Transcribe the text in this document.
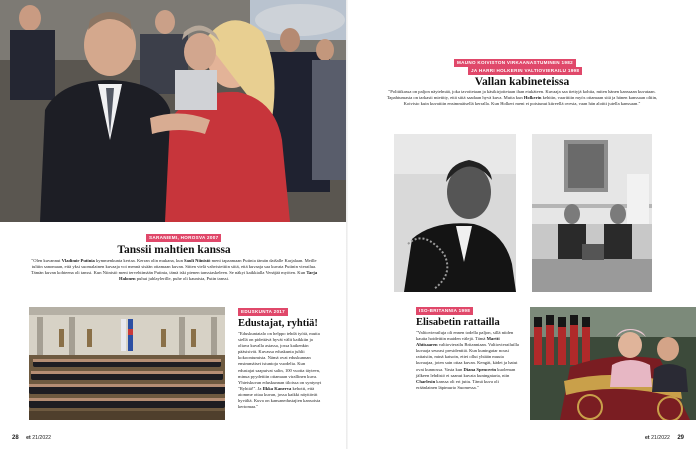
SARANIEMI, HOROSVA 2007
Tanssii mahtien kanssa
"Olen kuvannut Vladimir Putinia kymmenkunta kertaa. Kerran olin mukana, kun Sauli Niinistö meni tapaamaan Putinia tämän datšalle Karjalaan. Meille tultiin sanomaan, että yksi suomalainen kuvaaja voi mennä sisään ottamaan kuvan. Sitten vielä vahvistettiin siitä, että kuvaaja saa kuvata Putinin vierailua. Tämän kuvan kohteena oli tanssi. Kun Niinistö meni tervehtimään Putinia, tämä iski pienen tanssiaskeleen. Se näkyi kaikkialla Venäjää myöten. Kun Tarja Halonen puhui juhlaylerille, puhe oli kaunista, Putin tanssi.
EDUSKUNTA 2017
Edustajat, ryhtiä!
"Eduskuntatalo on helppo tehdä työtä, mutta siellä on pidettävä hyvät välit kaikkiin ja oltava kuvalla asiassa, jossa kaikenkin pääsisivät. Kuvassa eduskunta juhlii kokoontumista. Nämä ovat eduskunnan ensimmäiset istuntoja vuodelta. Kun edustajat saapuivat salin, 100 vuotta täyteen, minua pyydettiin ottamaan virallinen kuva. Yhteiskuvan eduskunnan tiloissa on syntynyt "Ryhtiä!". Ja Ilkka Kanerva kehotti, että aiomme ottaa kuvan, jossa kaikki näyttävät hyvältä. Kuva on kansanedustajien kansoista kertomaa."
28 et 21/2022
MAUNO KOIVISTON VIRKAANASTUMINEN 1982
JA HARRI HOLKERIN VALTIOVIERAILU 1998
Vallan kabineteissa
"Politiikassa on paljon näytelmää, joka tavoitetaan ja käsikirjoitetaan ihan etukäteen. Kuvaaja saa tiettyjä kohtia, miten hänen kanssaan kuvataan. Tapahtumasta on tarkasti mietitty, että siitä saadaan hyvä kuva. Mutta kun Holkerin kehitin, vaarittiin myös ottamaan sitä ja hänen kanssaan oltiin, Koivisto kuin kuvattiin ensimmäisellä kerralla. Kun Holkeri meni ei poistunut kiireellä ovesta, vaan hän aloitti jutella kanssaan."
ISO-BRITANNIA 1998
Elisabetin rattailla
"Valtiovierailuja oli ennen todella paljon, sillä niiden kautta hoidettiin maiden välejä. Tämä Martti Ahtisaaren valtiovierailu Britanniaan. Valtiovierailuilla kuvaaja seurasi presidenttiä. Kun kuningatar nousi rattaisiin, minä katsoin, ettei ollut yhtään muuta kuvaajaa, joten sain ottaa kuvan. Kengät, kädet ja hatut ovat kunnossa. Vasta kun Diana Spencerin kuoleman jälkeen lehdistö ei saanut kuvata kuningatarta, niin Charlesin kanssa oli eri juttu. Tämä kuva oli eräänlainen läpimurto Suomessa."
et 21/2022 29
